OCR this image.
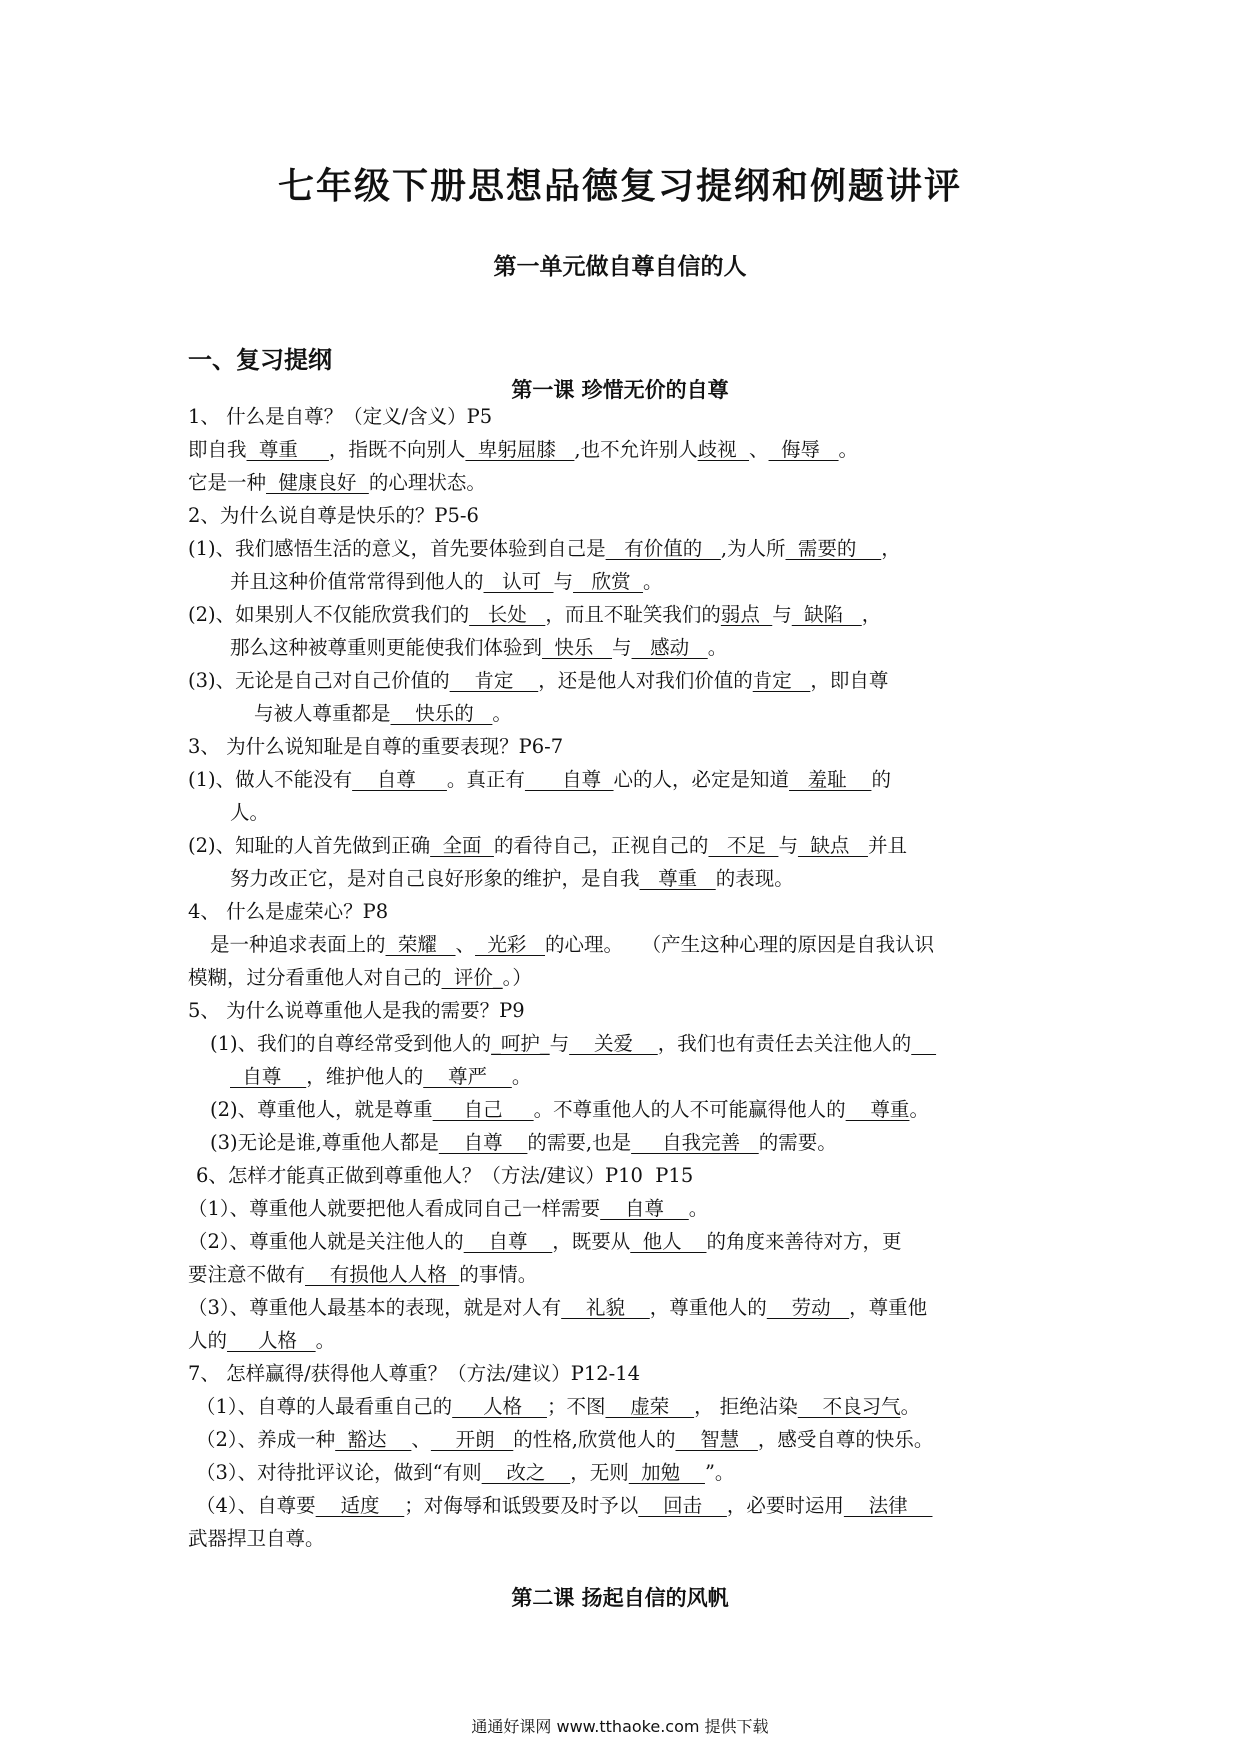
七年级下册思想品德复习提纲和例题讲评
第一单元做自尊自信的人
一、复习提纲
第一课 珍惜无价的自尊
1、 什么是自尊？（定义/含义）P5
即自我  尊重     ，指既不向别人  卑躬屈膝   ,也不允许别人歧视  、  侮辱   。
它是一种  健康良好  的心理状态。
2、为什么说自尊是快乐的？P5-6
(1)、我们感悟生活的意义，首先要体验到自己是   有价值的   ,为人所  需要的    ，
并且这种价值常常得到他人的   认可  与   欣赏  。
(2)、如果别人不仅能欣赏我们的   长处   ，而且不耻笑我们的弱点  与  缺陷   ，
那么这种被尊重则更能使我们体验到  快乐   与   感动   。
(3)、无论是自己对自己价值的    肯定    ，还是他人对我们价值的肯定   ，即自尊
与被人尊重都是    快乐的   。
3、 为什么说知耻是自尊的重要表现？P6-7
(1)、做人不能没有    自尊     。真正有      自尊  心的人，必定是知道   羞耻    的
人。
(2)、知耻的人首先做到正确  全面  的看待自己，正视自己的   不足  与  缺点   并且
努力改正它，是对自己良好形象的维护，是自我   尊重   的表现。
4、 什么是虚荣心？P8
是一种追求表面上的  荣耀   、  光彩   的心理。   （产生这种心理的原因是自我认识
模糊，过分看重他人对自己的  评价_。）
5、 为什么说尊重他人是我的需要？P9
(1)、我们的自尊经常受到他人的_呵护_与    关爱    ，我们也有责任去关注他人的
自尊    ，维护他人的    尊严    。
(2)、尊重他人，就是尊重     自己     。不尊重他人的人不可能赢得他人的    尊重。
(3)无论是谁,尊重他人都是    自尊    的需要,也是     自我完善   的需要。
6、怎样才能真正做到尊重他人？（方法/建议）P10  P15
（1）、尊重他人就要把他人看成同自己一样需要    自尊    。
（2）、尊重他人就是关注他人的    自尊    ，既要从  他人    的角度来善待对方，更
要注意不做有    有损他人人格  的事情。
（3）、尊重他人最基本的表现，就是对人有    礼貌    ，尊重他人的    劳动   ，尊重他
人的     人格   。
7、 怎样赢得/获得他人尊重？（方法/建议）P12-14
（1）、自尊的人最看重自己的     人格    ；不图    虚荣    ， 拒绝沾染    不良习气。
（2）、养成一种  豁达    、    开朗   的性格,欣赏他人的    智慧   ，感受自尊的快乐。
（3）、对待批评议论，做到“有则    改之    ，无则  加勉    ”。
（4）、自尊要    适度    ；对侮辱和诋毁要及时予以    回击    ，必要时运用    法律
武器捍卫自尊。
第二课 扬起自信的风帆
通通好课网 www.tthaoke.com 提供下载
